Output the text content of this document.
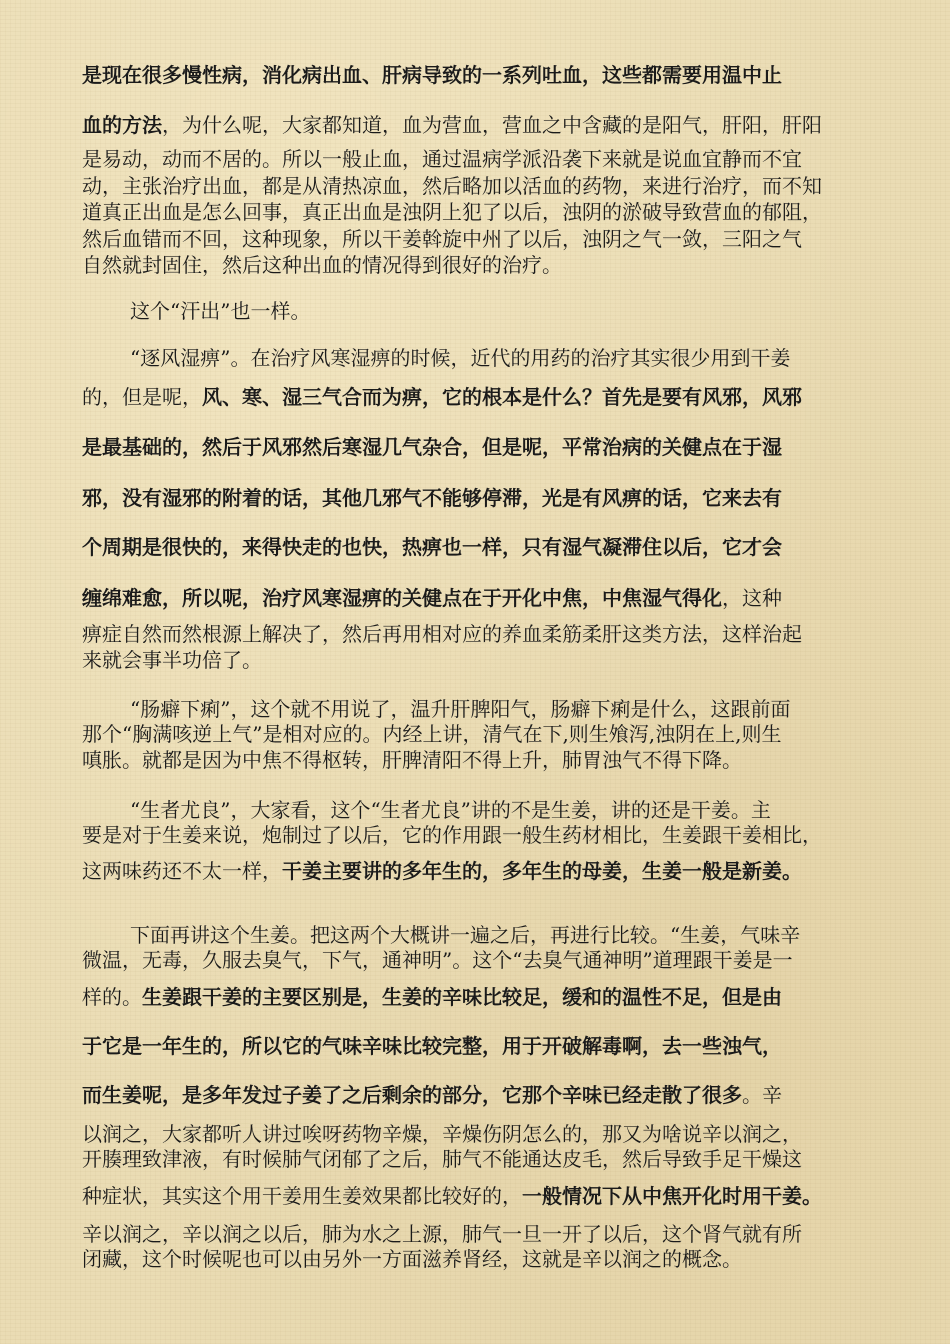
是现在很多慢性病，消化病出血、肝病导致的一系列吐血，这些都需要用温中止
血的方法，为什么呢，大家都知道，血为营血，营血之中含藏的是阳气，肝阳，肝阳
是易动，动而不居的。所以一般止血，通过温病学派沿袭下来就是说血宜静而不宜
动，主张治疗出血，都是从清热凉血，然后略加以活血的药物，来进行治疗，而不知
道真正出血是怎么回事，真正出血是浊阴上犯了以后，浊阴的淤破导致营血的郁阻，
然后血错而不回，这种现象，所以干姜斡旋中州了以后，浊阴之气一敛，三阳之气
自然就封固住，然后这种出血的情况得到很好的治疗。
这个“汗出”也一样。
“逐风湿痹”。在治疗风寒湿痹的时候，近代的用药的治疗其实很少用到干姜
的，但是呢，风、寒、湿三气合而为痹，它的根本是什么？首先是要有风邪，风邪
是最基础的，然后于风邪然后寒湿几气杂合，但是呢，平常治病的关健点在于湿
邪，没有湿邪的附着的话，其他几邪气不能够停滞，光是有风痹的话，它来去有
个周期是很快的，来得快走的也快，热痹也一样，只有湿气凝滞住以后，它才会
缠绵难愈，所以呢，治疗风寒湿痹的关健点在于开化中焦，中焦湿气得化，这种
痹症自然而然根源上解决了，然后再用相对应的养血柔筋柔肝这类方法，这样治起
来就会事半功倍了。
“肠癖下痢”，这个就不用说了，温升肝脾阳气，肠癖下痢是什么，这跟前面
那个“胸满咳逆上气”是相对应的。内经上讲，清气在下,则生飧泻,浊阴在上,则生
嗔胀。就都是因为中焦不得枢转，肝脾清阳不得上升，肺胃浊气不得下降。
“生者尤良”，大家看，这个“生者尤良”讲的不是生姜，讲的还是干姜。主
要是对于生姜来说，炮制过了以后，它的作用跟一般生药材相比，生姜跟干姜相比，
这两味药还不太一样，干姜主要讲的多年生的，多年生的母姜，生姜一般是新姜。
下面再讲这个生姜。把这两个大概讲一遍之后，再进行比较。“生姜，气味辛
微温，无毒，久服去臭气，下气，通神明”。这个“去臭气通神明”道理跟干姜是一
样的。生姜跟干姜的主要区别是，生姜的辛味比较足，缓和的温性不足，但是由
于它是一年生的，所以它的气味辛味比较完整，用于开破解毒啊，去一些浊气，
而生姜呢，是多年发过子姜了之后剩余的部分，它那个辛味已经走散了很多。辛
以润之，大家都听人讲过唉呀药物辛燥，辛燥伤阴怎么的，那又为啥说辛以润之，
开腠理致津液，有时候肺气闭郁了之后，肺气不能通达皮毛，然后导致手足干燥这
种症状，其实这个用干姜用生姜效果都比较好的，一般情况下从中焦开化时用干姜。
辛以润之，辛以润之以后，肺为水之上源，肺气一旦一开了以后，这个肾气就有所
闭藏，这个时候呢也可以由另外一方面滋养肾经，这就是辛以润之的概念。
